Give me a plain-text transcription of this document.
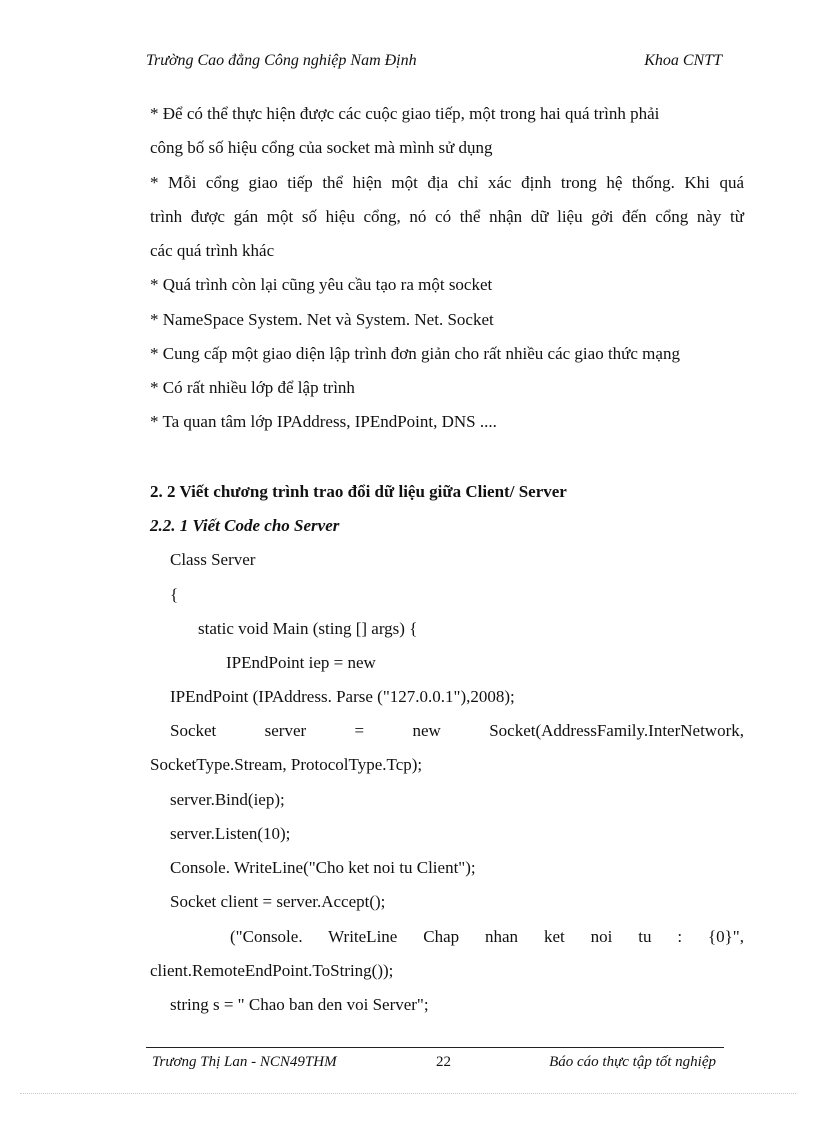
Trường Cao đẳng Công nghiệp Nam Định	Khoa CNTT
* Để có thể thực hiện được các cuộc giao tiếp, một trong hai quá trình phải
công bố số hiệu cổng của socket mà mình sử dụng
* Mỗi cổng giao tiếp thể hiện một địa chỉ xác định trong hệ thống. Khi quá
trình được gán một số hiệu cổng, nó có thể nhận dữ liệu gởi đến cổng này từ
các quá trình khác
* Quá trình còn lại cũng yêu cầu tạo ra một socket
* NameSpace System. Net và System. Net. Socket
* Cung cấp một giao diện lập trình đơn giản cho rất nhiều các giao thức mạng
* Có rất nhiều lớp để lập trình
* Ta quan tâm lớp IPAddress, IPEndPoint, DNS ....
2. 2 Viết chương trình trao đổi dữ liệu giữa Client/ Server
2.2. 1 Viết Code cho Server
Class Server
{
static void Main (sting [] args) {
IPEndPoint iep = new
IPEndPoint (IPAddress. Parse ("127.0.0.1"),2008);
Socket server = new Socket(AddressFamily.InterNetwork,
SocketType.Stream, ProtocolType.Tcp);
server.Bind(iep);
server.Listen(10);
Console. WriteLine("Cho ket noi tu Client");
Socket client = server.Accept();
("Console. WriteLine Chap nhan ket noi tu : {0}",
client.RemoteEndPoint.ToString());
string s = " Chao ban den voi Server";
Trương Thị Lan - NCN49THM	22	Báo cáo thực tập tốt nghiệp
